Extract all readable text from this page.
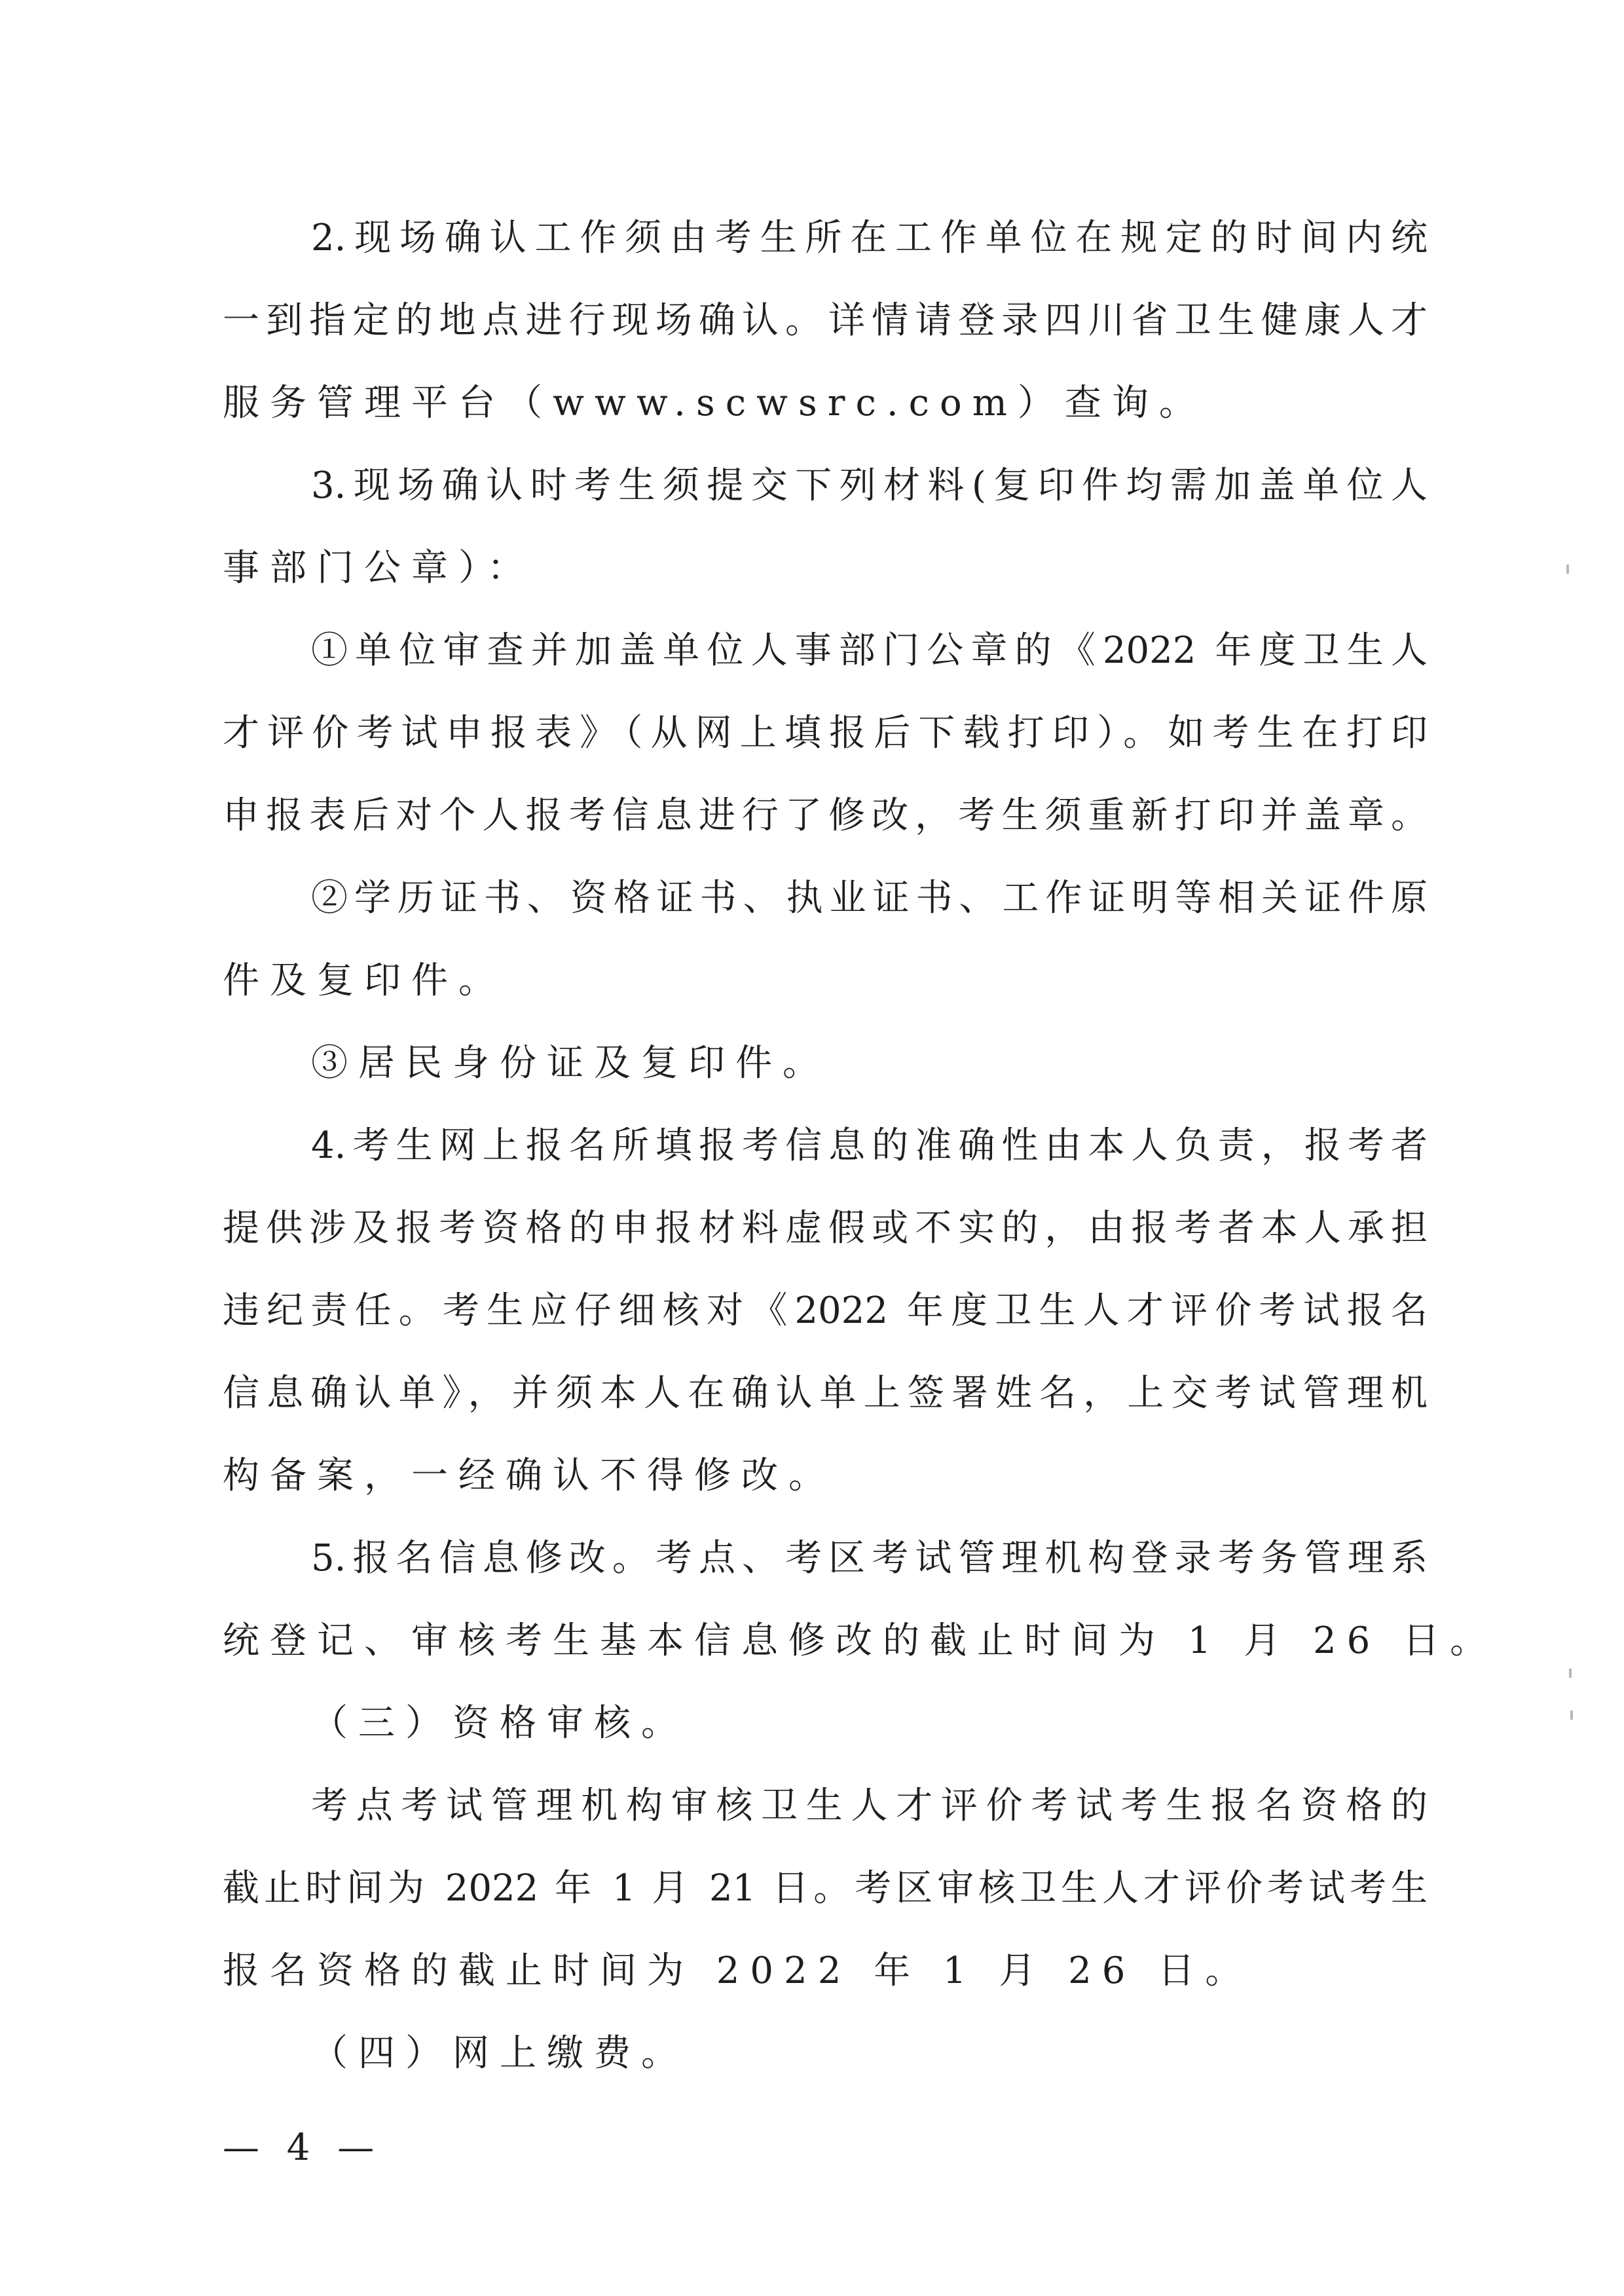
2.现场确认工作须由考生所在工作单位在规定的时间内统

一到指定的地点进行现场确认。详情请登录四川省卫生健康人才

服务管理平台（www.scwsrc.com）查询。

3.现场确认时考生须提交下列材料(复印件均需加盖单位人

事部门公章）：

①单位审查并加盖单位人事部门公章的《2022 年度卫生人

才评价考试申报表》（从网上填报后下载打印）。如考生在打印

申报表后对个人报考信息进行了修改，考生须重新打印并盖章。

②学历证书、资格证书、执业证书、工作证明等相关证件原

件及复印件。

③居民身份证及复印件。

4.考生网上报名所填报考信息的准确性由本人负责，报考者

提供涉及报考资格的申报材料虚假或不实的，由报考者本人承担

违纪责任。考生应仔细核对《2022 年度卫生人才评价考试报名

信息确认单》，并须本人在确认单上签署姓名，上交考试管理机

构备案，一经确认不得修改。

5.报名信息修改。考点、考区考试管理机构登录考务管理系

统登记、审核考生基本信息修改的截止时间为 1 月 26 日。

（三）资格审核。

考点考试管理机构审核卫生人才评价考试考生报名资格的

截止时间为 2022 年 1 月 21 日。考区审核卫生人才评价考试考生

报名资格的截止时间为 2022 年 1 月 26 日。

（四）网上缴费。

— 4 —
